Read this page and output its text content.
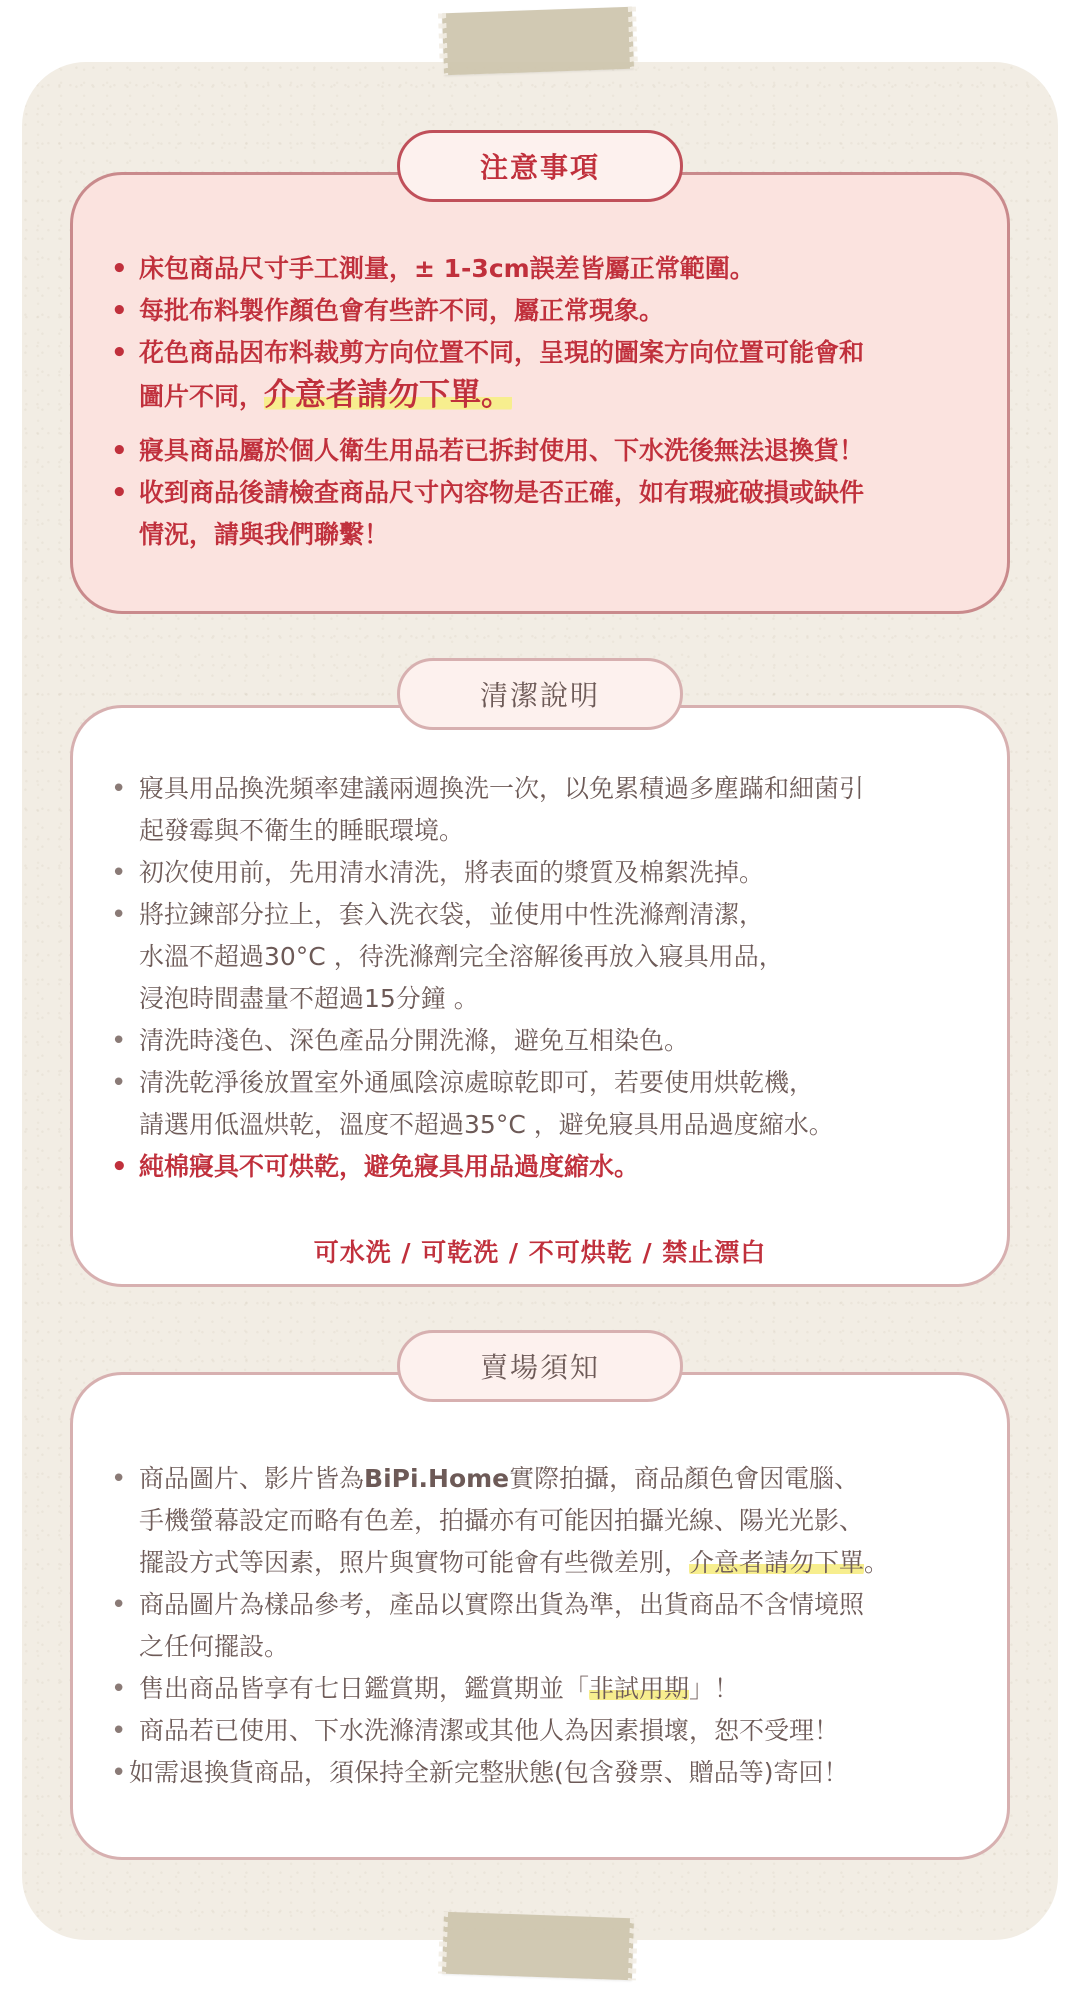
• 床包商品尺寸手工測量，± 1-3cm誤差皆屬正常範圍。
• 每批布料製作顏色會有些許不同，屬正常現象。
• 花色商品因布料裁剪方向位置不同，呈現的圖案方向位置可能會和
圖片不同，介意者請勿下單。
• 寢具商品屬於個人衛生用品若已拆封使用、下水洗後無法退換貨！
• 收到商品後請檢查商品尺寸內容物是否正確，如有瑕疵破損或缺件
情況，請與我們聯繫！
注意事項
• 寢具用品換洗頻率建議兩週換洗一次，以免累積過多塵蹣和細菌引
起發霉與不衛生的睡眠環境。
• 初次使用前，先用清水清洗，將表面的漿質及棉絮洗掉。
• 將拉鍊部分拉上，套入洗衣袋，並使用中性洗滌劑清潔，
水溫不超過30°C ，待洗滌劑完全溶解後再放入寢具用品，
浸泡時間盡量不超過15分鐘 。
• 清洗時淺色、深色產品分開洗滌，避免互相染色。
• 清洗乾淨後放置室外通風陰涼處晾乾即可，若要使用烘乾機，
請選用低溫烘乾，溫度不超過35°C ，避免寢具用品過度縮水。
• 純棉寢具不可烘乾，避免寢具用品過度縮水。
可水洗 / 可乾洗 / 不可烘乾 / 禁止漂白
清潔說明
• 商品圖片、影片皆為BiPi.Home實際拍攝，商品顏色會因電腦、
手機螢幕設定而略有色差，拍攝亦有可能因拍攝光線、陽光光影、
擺設方式等因素，照片與實物可能會有些微差別，介意者請勿下單。
• 商品圖片為樣品參考，產品以實際出貨為準，出貨商品不含情境照
之任何擺設。
• 售出商品皆享有七日鑑賞期，鑑賞期並「非試用期」！
• 商品若已使用、下水洗滌清潔或其他人為因素損壞，恕不受理！
• 如需退換貨商品，須保持全新完整狀態(包含發票、贈品等)寄回！
賣場須知
